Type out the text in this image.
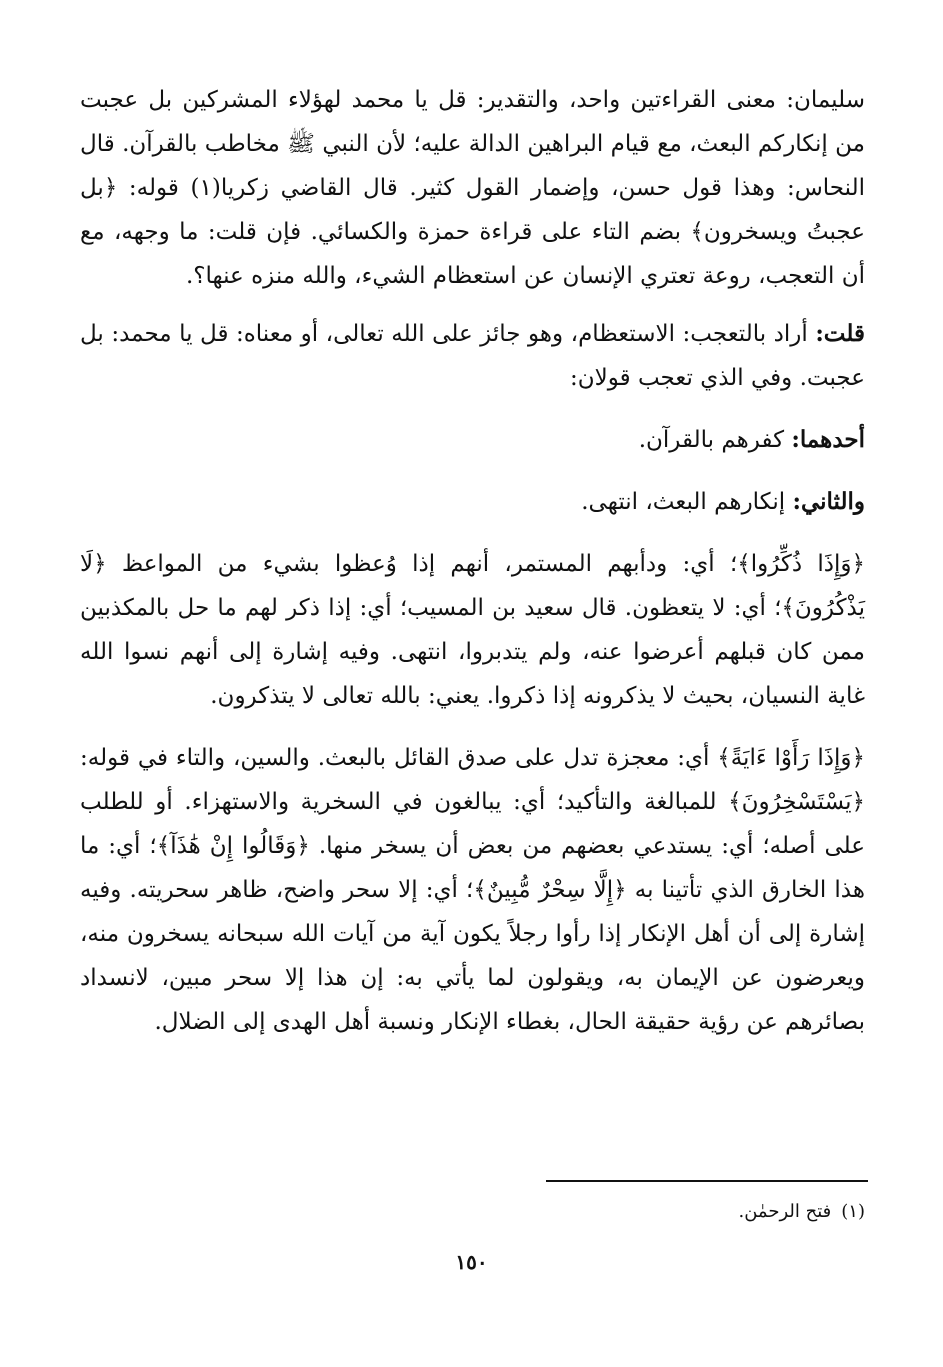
سليمان: معنى القراءتين واحد، والتقدير: قل يا محمد لهؤلاء المشركين بل عجبت من إنكاركم البعث، مع قيام البراهين الدالة عليه؛ لأن النبي ﷺ مخاطب بالقرآن. قال النحاس: وهذا قول حسن، وإضمار القول كثير. قال القاضي زكريا(١) قوله: ﴿بل عجبتُ ويسخرون﴾ بضم التاء على قراءة حمزة والكسائي. فإن قلت: ما وجهه، مع أن التعجب، روعة تعتري الإنسان عن استعظام الشيء، والله منزه عنها؟.

قلت: أراد بالتعجب: الاستعظام، وهو جائز على الله تعالى، أو معناه: قل يا محمد: بل عجبت. وفي الذي تعجب قولان:

أحدهما: كفرهم بالقرآن.

والثاني: إنكارهم البعث، انتهى.

﴿وَإِذَا ذُكِّرُوا﴾؛ أي: ودأبهم المستمر، أنهم إذا وُعظوا بشيء من المواعظ ﴿لَا يَذْكُرُونَ﴾؛ أي: لا يتعظون. قال سعيد بن المسيب؛ أي: إذا ذكر لهم ما حل بالمكذبين ممن كان قبلهم أعرضوا عنه، ولم يتدبروا، انتهى. وفيه إشارة إلى أنهم نسوا الله غاية النسيان، بحيث لا يذكرونه إذا ذكروا. يعني: بالله تعالى لا يتذكرون.

﴿وَإِذَا رَأَوْا ءَايَةً﴾ أي: معجزة تدل على صدق القائل بالبعث. والسين، والتاء في قوله: ﴿يَسْتَسْخِرُونَ﴾ للمبالغة والتأكيد؛ أي: يبالغون في السخرية والاستهزاء. أو للطلب على أصله؛ أي: يستدعي بعضهم من بعض أن يسخر منها. ﴿وَقَالُوا إِنْ هَٰذَآ﴾؛ أي: ما هذا الخارق الذي تأتينا به ﴿إِلَّا سِحْرٌ مُّبِينٌ﴾؛ أي: إلا سحر واضح، ظاهر سحريته. وفيه إشارة إلى أن أهل الإنكار إذا رأوا رجلاً يكون آية من آيات الله سبحانه يسخرون منه، ويعرضون عن الإيمان به، ويقولون لما يأتي به: إن هذا إلا سحر مبين، لانسداد بصائرهم عن رؤية حقيقة الحال، بغطاء الإنكار ونسبة أهل الهدى إلى الضلال.

(١)فتح الرحمٰن.
١٥٠
